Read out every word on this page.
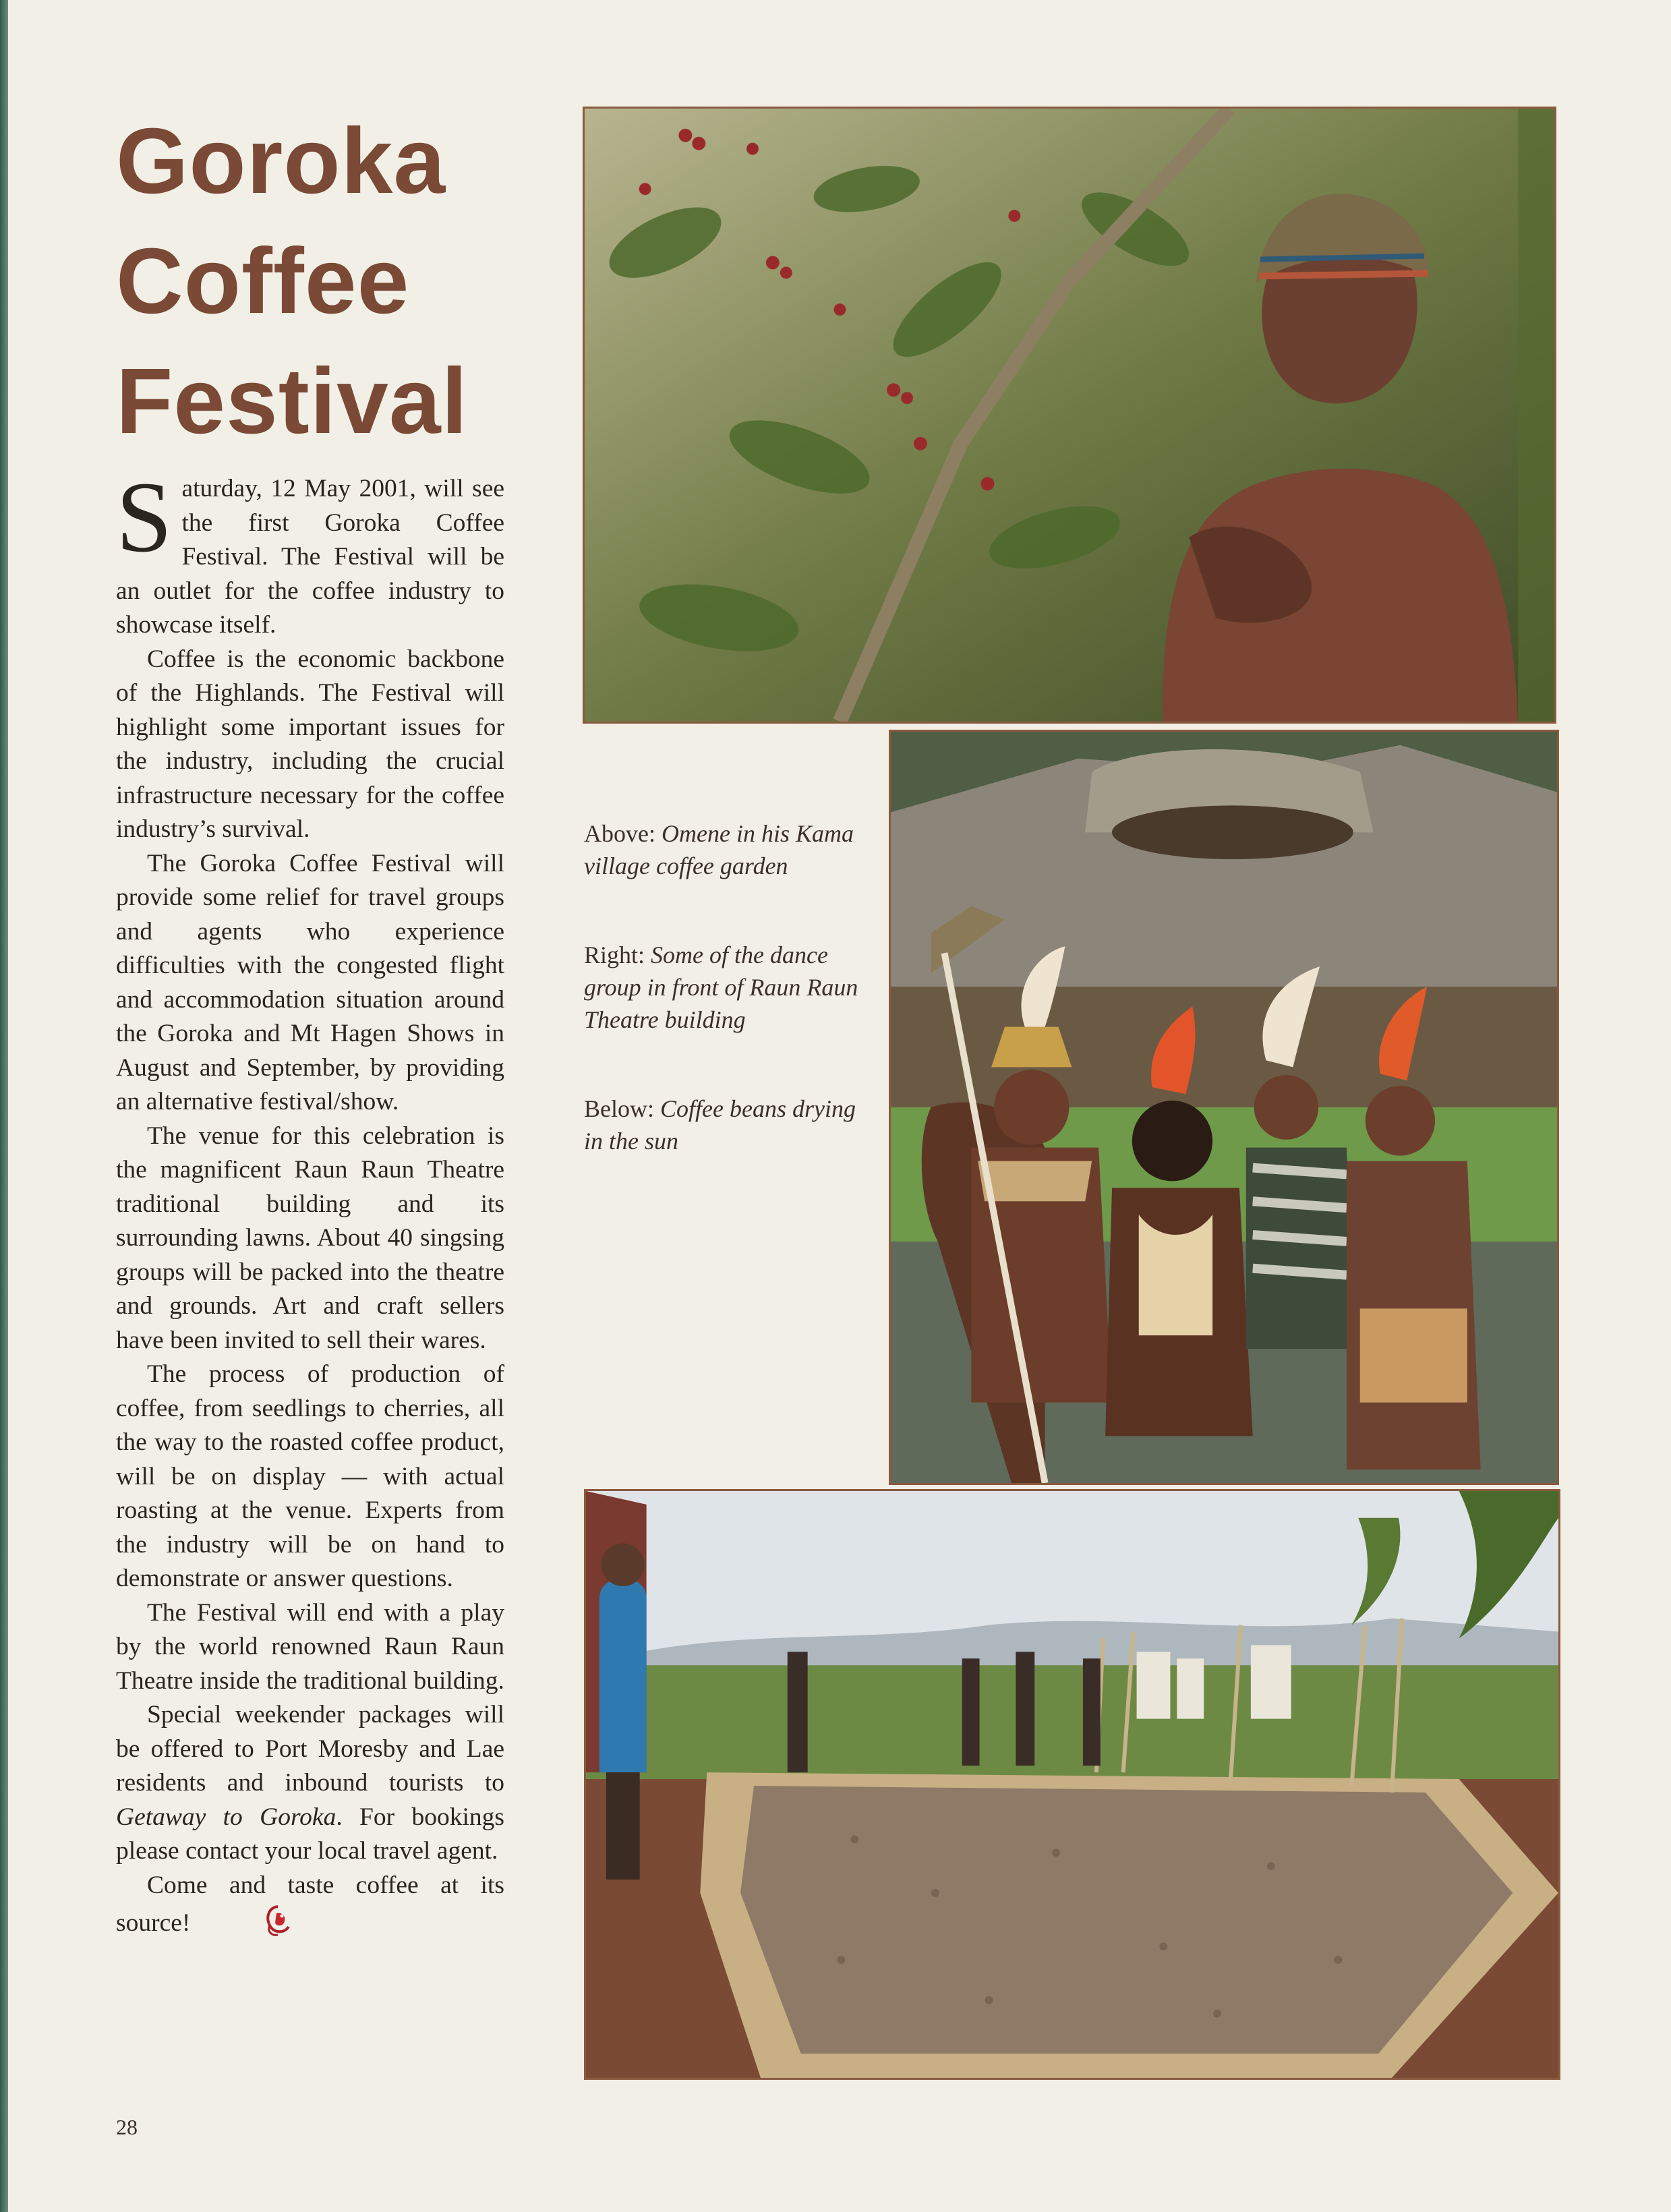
Goroka
Coffee
Festival

Saturday, 12 May 2001, will see the first Goroka Coffee Festival. The Festival will be an outlet for the coffee industry to showcase itself.

Coffee is the economic backbone of the Highlands. The Festival will highlight some important issues for the industry, including the crucial infrastructure necessary for the coffee industry’s survival.

The Goroka Coffee Festival will provide some relief for travel groups and agents who experience difficulties with the congested flight and accommodation situation around the Goroka and Mt Hagen Shows in August and September, by providing an alternative festival/show.

The venue for this celebration is the magnificent Raun Raun Theatre traditional building and its surrounding lawns. About 40 singsing groups will be packed into the theatre and grounds. Art and craft sellers have been invited to sell their wares.

The process of production of coffee, from seedlings to cherries, all the way to the roasted coffee product, will be on display — with actual roasting at the venue. Experts from the industry will be on hand to demonstrate or answer questions.

The Festival will end with a play by the world renowned Raun Raun Theatre inside the traditional building.

Special weekender packages will be offered to Port Moresby and Lae residents and inbound tourists to Getaway to Goroka. For bookings please contact your local travel agent.

Come and taste coffee at its source!

Above: Omene in his Kama village coffee garden

Right: Some of the dance group in front of Raun Raun Theatre building

Below: Coffee beans drying in the sun

28
